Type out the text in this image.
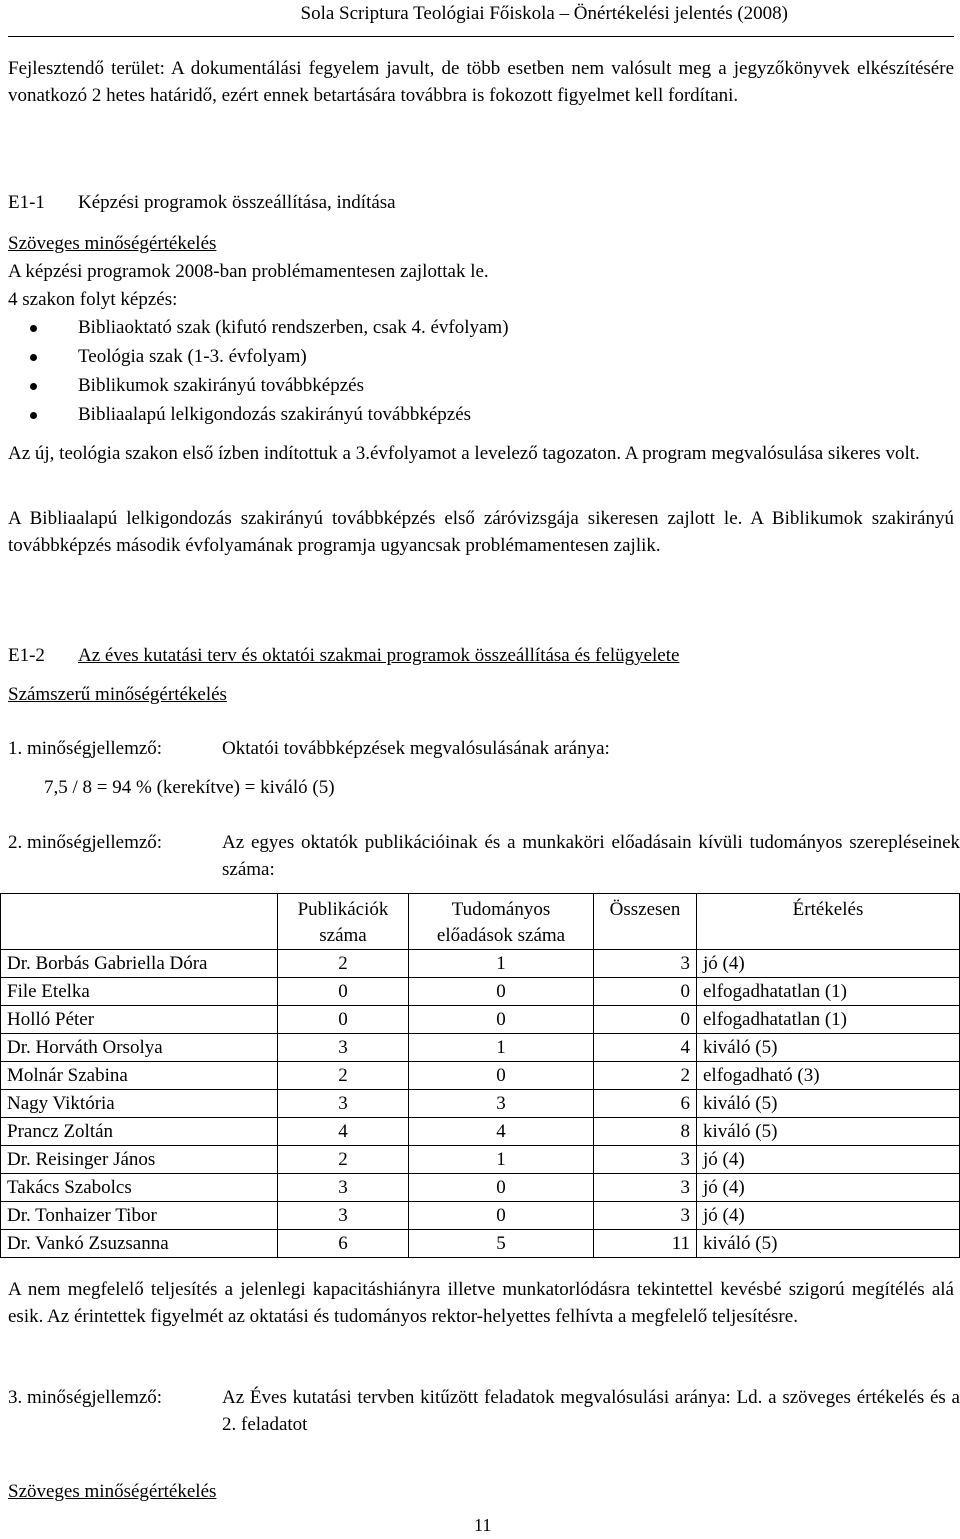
Sola Scriptura Teológiai Főiskola – Önértékelési jelentés (2008)
Fejlesztendő terület: A dokumentálási fegyelem javult, de több esetben nem valósult meg a jegyzőkönyvek elkészítésére vonatkozó 2 hetes határidő, ezért ennek betartására továbbra is fokozott figyelmet kell fordítani.
E1-1 Képzési programok összeállítása, indítása
Szöveges minőségértékelés
A képzési programok 2008-ban problémamentesen zajlottak le.
4 szakon folyt képzés:
Bibliaoktató szak (kifutó rendszerben, csak 4. évfolyam)
Teológia szak (1-3. évfolyam)
Biblikumok szakirányú továbbképzés
Bibliaalapú lelkigondozás szakirányú továbbképzés
Az új, teológia szakon első ízben indítottuk a 3.évfolyamot a levelező tagozaton. A program megvalósulása sikeres volt.
A Bibliaalapú lelkigondozás szakirányú továbbképzés első záróvizsgája sikeresen zajlott le. A Biblikumok szakirányú továbbképzés második évfolyamának programja ugyancsak problémamentesen zajlik.
E1-2 Az éves kutatási terv és oktatói szakmai programok összeállítása és felügyelete
Számszerű minőségértékelés
1. minőségjellemző:	Oktatói továbbképzések megvalósulásának aránya:
7,5 / 8 = 94 % (kerekítve) = kiváló (5)
2. minőségjellemző:	Az egyes oktatók publikációinak és a munkaköri előadásain kívüli tudományos szerepléseinek száma:
	Publikációk	Tudományos	Összesen	Értékelés
	száma	előadások száma		
Dr. Borbás Gabriella Dóra	2	1	3	jó (4)
File Etelka	0	0	0	elfogadhatatlan (1)
Holló Péter	0	0	0	elfogadhatatlan (1)
Dr. Horváth Orsolya	3	1	4	kiváló (5)
Molnár Szabina	2	0	2	elfogadható (3)
Nagy Viktória	3	3	6	kiváló (5)
Prancz Zoltán	4	4	8	kiváló (5)
Dr. Reisinger János	2	1	3	jó (4)
Takács Szabolcs	3	0	3	jó (4)
Dr. Tonhaizer Tibor	3	0	3	jó (4)
Dr. Vankó Zsuzsanna	6	5	11	kiváló (5)
A nem megfelelő teljesítés a jelenlegi kapacitáshiányra illetve munkatorlódásra tekintettel kevésbé szigorú megítélés alá esik. Az érintettek figyelmét az oktatási és tudományos rektor-helyettes felhívta a megfelelő teljesítésre.
3. minőségjellemző:	Az Éves kutatási tervben kitűzött feladatok megvalósulási aránya: Ld. a szöveges értékelés és a 2. feladatot
Szöveges minőségértékelés
11
